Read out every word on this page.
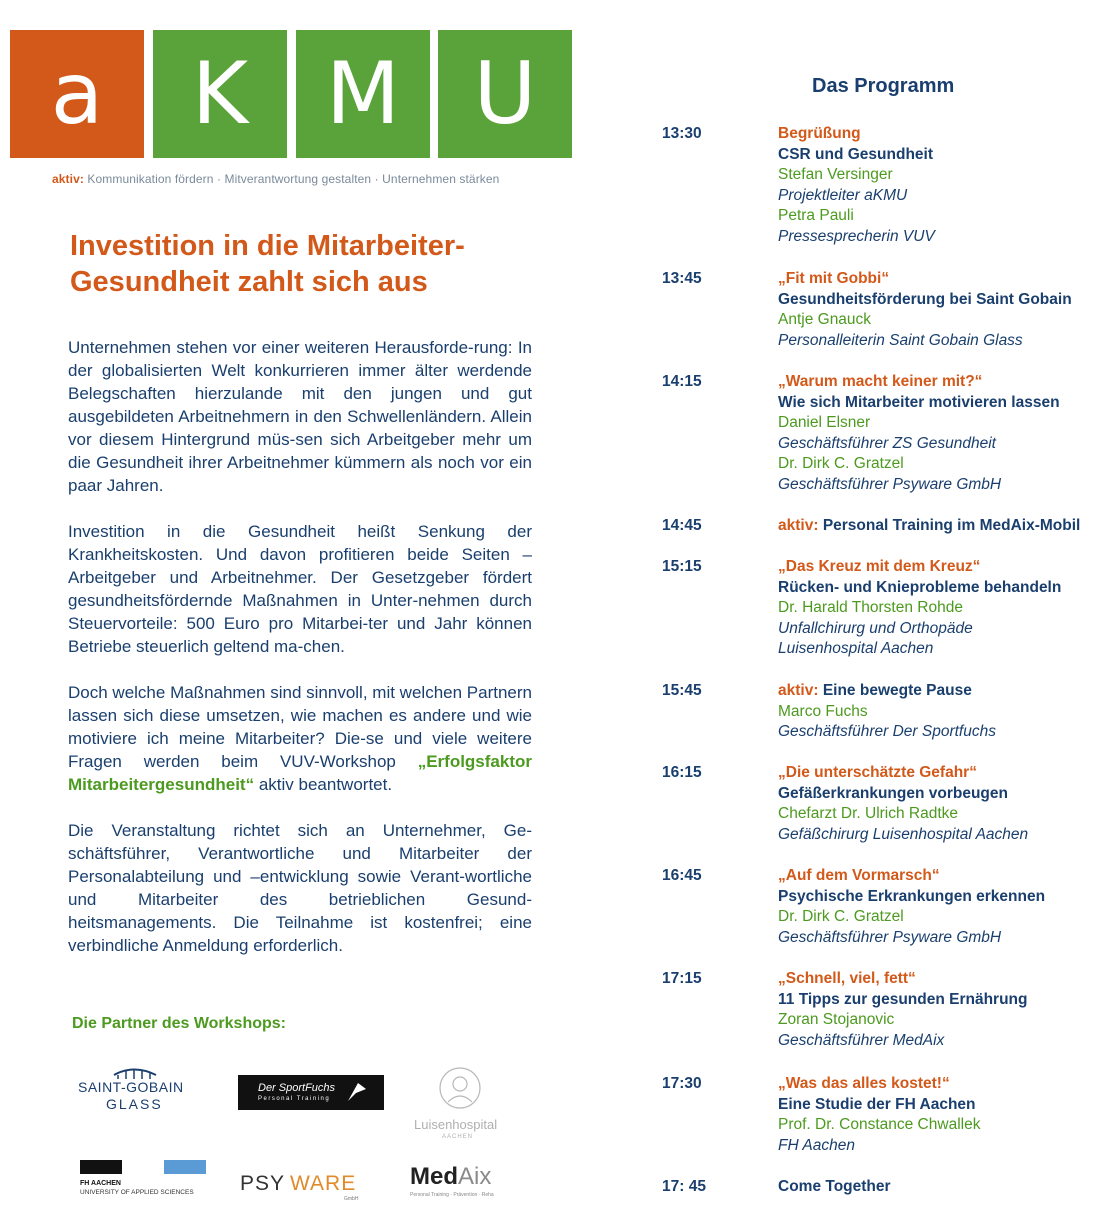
a K M U
aktiv: Kommunikation fördern · Mitverantwortung gestalten · Unternehmen stärken
Investition in die Mitarbeiter-
Gesundheit zahlt sich aus

Unternehmen stehen vor einer weiteren Herausforde-rung: In der globalisierten Welt konkurrieren immer älter werdende Belegschaften hierzulande mit den jungen und gut ausgebildeten Arbeitnehmern in den Schwellenländern. Allein vor diesem Hintergrund müs-sen sich Arbeitgeber mehr um die Gesundheit ihrer Arbeitnehmer kümmern als noch vor ein paar Jahren.

Investition in die Gesundheit heißt Senkung der Krankheitskosten. Und davon profitieren beide Seiten – Arbeitgeber und Arbeitnehmer. Der Gesetzgeber fördert gesundheitsfördernde Maßnahmen in Unter-nehmen durch Steuervorteile: 500 Euro pro Mitarbei-ter und Jahr können Betriebe steuerlich geltend ma-chen.

Doch welche Maßnahmen sind sinnvoll, mit welchen Partnern lassen sich diese umsetzen, wie machen es andere und wie motiviere ich meine Mitarbeiter? Die-se und viele weitere Fragen werden beim VUV-Workshop „Erfolgsfaktor Mitarbeitergesundheit“ aktiv beantwortet.

Die Veranstaltung richtet sich an Unternehmer, Ge-schäftsführer, Verantwortliche und Mitarbeiter der Personalabteilung und –entwicklung sowie Verant-wortliche und Mitarbeiter des betrieblichen Gesund-heitsmanagements. Die Teilnahme ist kostenfrei; eine verbindliche Anmeldung erforderlich.

Die Partner des Workshops:
SAINT-GOBAIN
GLASS
Der SportFuchs
Personal Training
Luisenhospital
AACHEN
FH AACHEN
UNIVERSITY OF APPLIED SCIENCES PSY WARE
GmbH
Med Aix
Personal Training · Prävention · Reha
Das Programm
13:30	Begrüßung
CSR und Gesundheit
Stefan Versinger
Projektleiter aKMU
Petra Pauli
Pressesprecherin VUV
13:45	„Fit mit Gobbi“
Gesundheitsförderung bei Saint Gobain
Antje Gnauck
Personalleiterin Saint Gobain Glass
14:15	„Warum macht keiner mit?“
Wie sich Mitarbeiter motivieren lassen
Daniel Elsner
Geschäftsführer ZS Gesundheit
Dr. Dirk C. Gratzel
Geschäftsführer Psyware GmbH
14:45	aktiv: Personal Training im MedAix-Mobil
15:15	„Das Kreuz mit dem Kreuz“
Rücken- und Knieprobleme behandeln
Dr. Harald Thorsten Rohde
Unfallchirurg und Orthopäde
Luisenhospital Aachen
15:45	aktiv: Eine bewegte Pause
Marco Fuchs
Geschäftsführer Der Sportfuchs
16:15	„Die unterschätzte Gefahr“
Gefäßerkrankungen vorbeugen
Chefarzt Dr. Ulrich Radtke
Gefäßchirurg Luisenhospital Aachen
16:45	„Auf dem Vormarsch“
Psychische Erkrankungen erkennen
Dr. Dirk C. Gratzel
Geschäftsführer Psyware GmbH
17:15	„Schnell, viel, fett“
11 Tipps zur gesunden Ernährung
Zoran Stojanovic
Geschäftsführer MedAix
17:30	„Was das alles kostet!“
Eine Studie der FH Aachen
Prof. Dr. Constance Chwallek
FH Aachen
17: 45	Come Together
